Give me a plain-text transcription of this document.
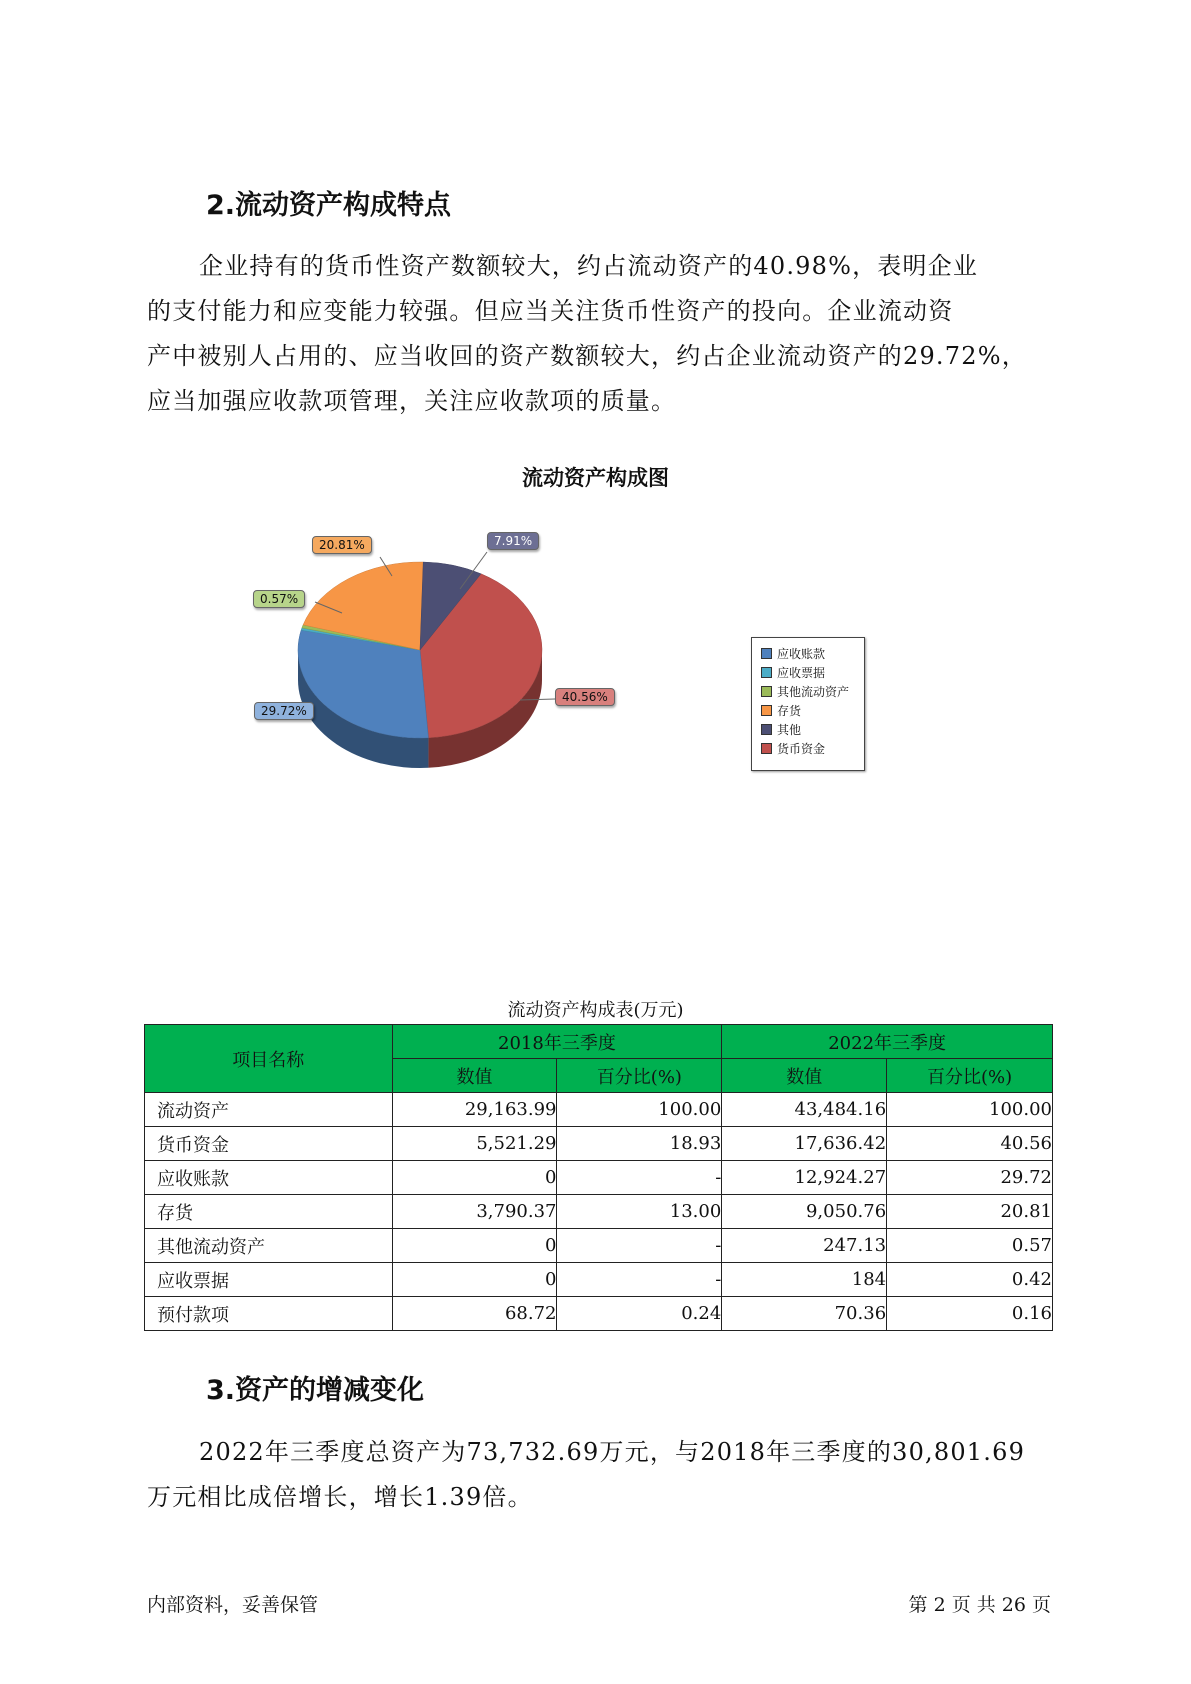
2.流动资产构成特点
企业持有的货币性资产数额较大，约占流动资产的40.98%，表明企业
的支付能力和应变能力较强。但应当关注货币性资产的投向。企业流动资
产中被别人占用的、应当收回的资产数额较大，约占企业流动资产的29.72%，
应当加强应收款项管理，关注应收款项的质量。
流动资产构成图
应收账款
应收票据
其他流动资产
存货
其他
货币资金
20.81%	7.91%
0.57%
40.56%
29.72%
流动资产构成表(万元)
项目名称	2018年三季度		2022年三季度	
	数值	百分比(%)	数值	百分比(%)
流动资产	29,163.99	100.00	43,484.16	100.00
货币资金	5,521.29	18.93	17,636.42	40.56
应收账款	0	-	12,924.27	29.72
存货	3,790.37	13.00	9,050.76	20.81
其他流动资产	0	-	247.13	0.57
应收票据	0	-	184	0.42
预付款项	68.72	0.24	70.36	0.16
3.资产的增减变化
2022年三季度总资产为73,732.69万元，与2018年三季度的30,801.69
万元相比成倍增长，增长1.39倍。
内部资料，妥善保管	第 2 页 共 26 页
